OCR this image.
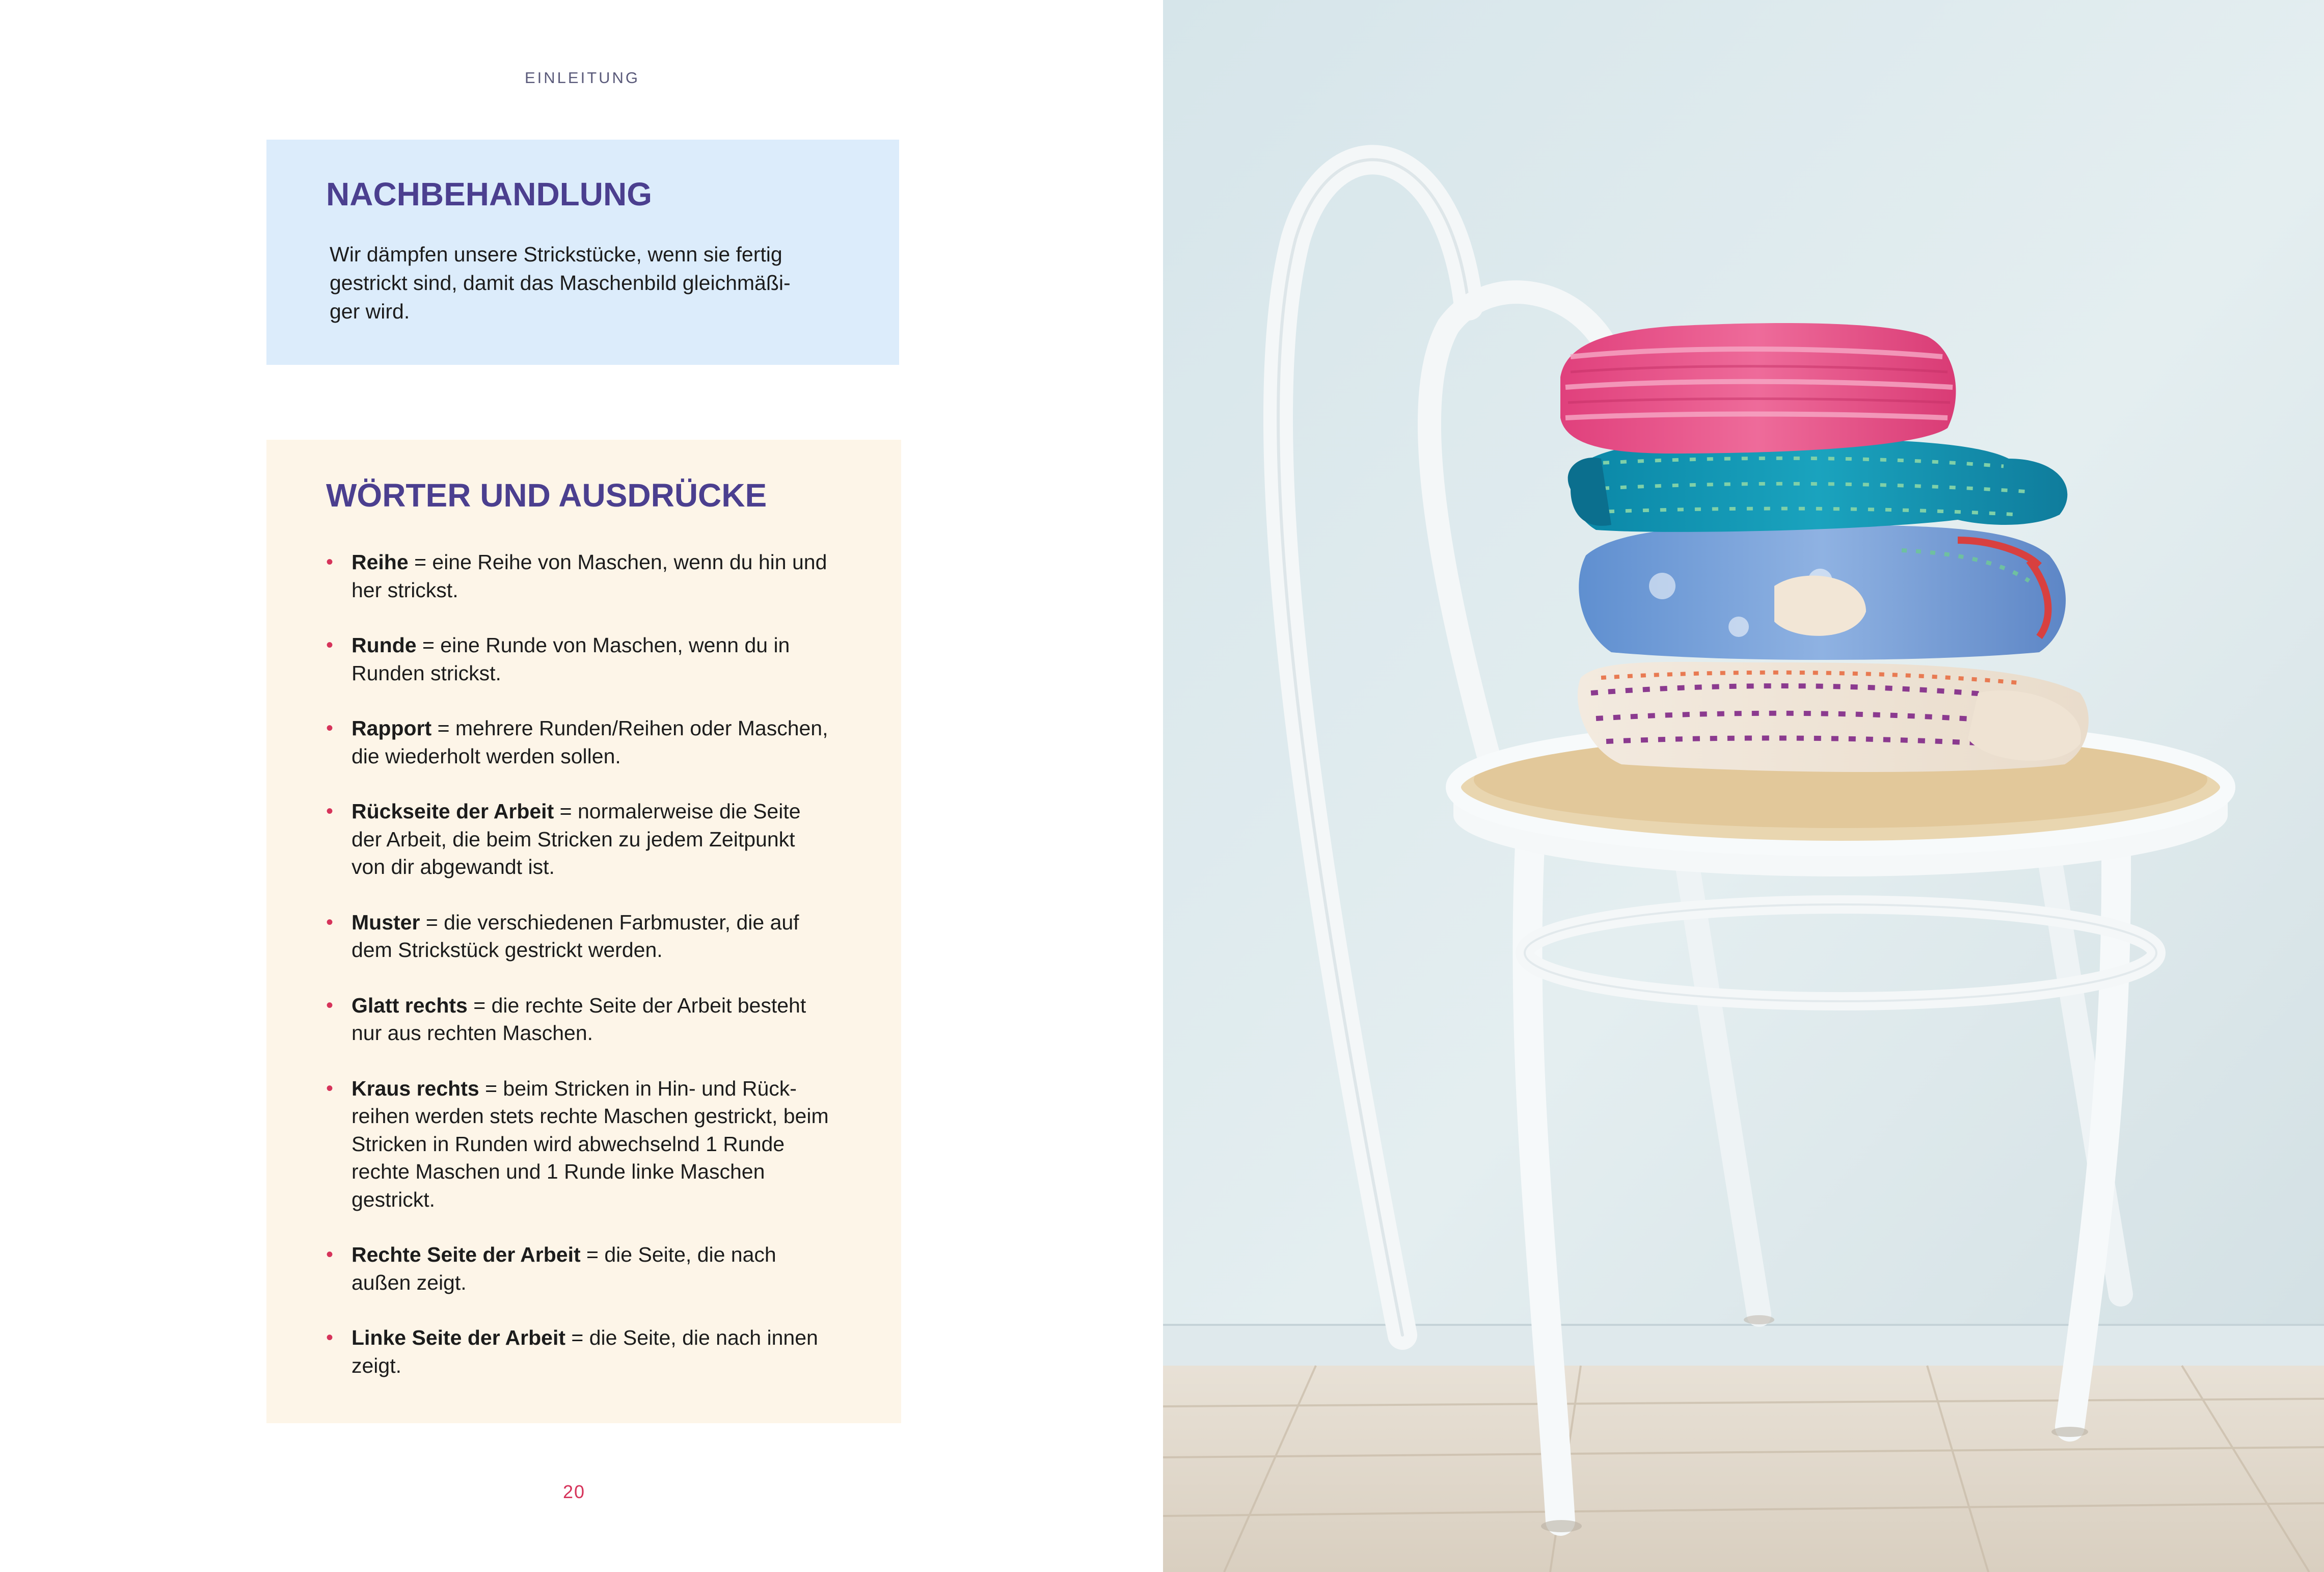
EINLEITUNG
NACHBEHANDLUNG

Wir dämpfen unsere Strickstücke, wenn sie fertig
gestrickt sind, damit das Maschenbild gleichmäßi-
ger wird.

WÖRTER UND AUSDRÜCKE
• Reihe = eine Reihe von Maschen, wenn du hin und
her strickst.
• Runde = eine Runde von Maschen, wenn du in
Runden strickst.
• Rapport = mehrere Runden/Reihen oder Maschen,
die wiederholt werden sollen.
• Rückseite der Arbeit = normalerweise die Seite
der Arbeit, die beim Stricken zu jedem Zeitpunkt
von dir abgewandt ist.
• Muster = die verschiedenen Farbmuster, die auf
dem Strickstück gestrickt werden.
• Glatt rechts = die rechte Seite der Arbeit besteht
nur aus rechten Maschen.
• Kraus rechts = beim Stricken in Hin- und Rück-
reihen werden stets rechte Maschen gestrickt, beim
Stricken in Runden wird abwechselnd 1 Runde
rechte Maschen und 1 Runde linke Maschen
gestrickt.
• Rechte Seite der Arbeit = die Seite, die nach
außen zeigt.
• Linke Seite der Arbeit = die Seite, die nach innen
zeigt.
20
